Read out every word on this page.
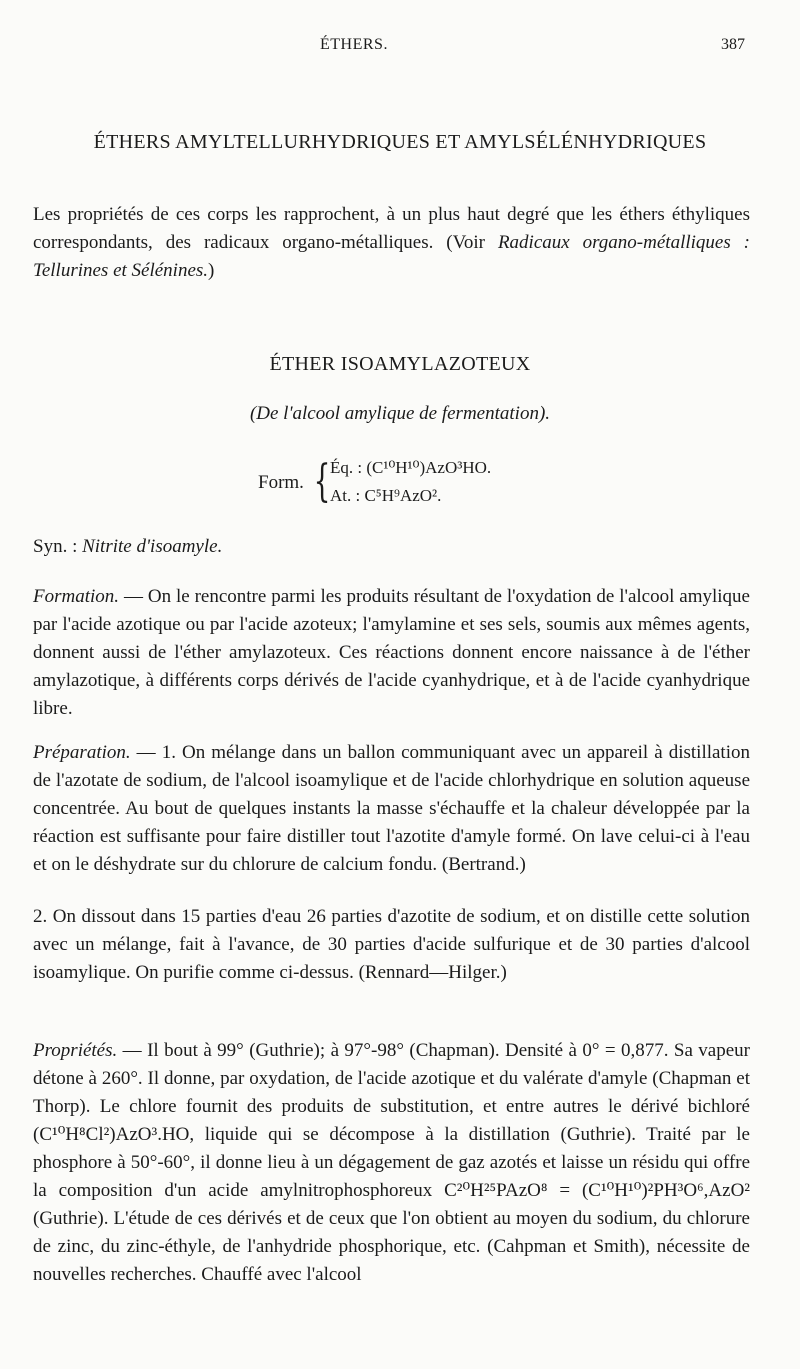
ÉTHERS.	387
ÉTHERS AMYLTELLURHYDRIQUES ET AMYLSÉLÉNHYDRIQUES

Les propriétés de ces corps les rapprochent, à un plus haut degré que les éthers éthyliques correspondants, des radicaux organo-métalliques. (Voir Radicaux organo-métalliques : Tellurines et Sélénines.)

ÉTHER ISOAMYLAZOTEUX
(De l'alcool amylique de fermentation).
Form. { Éq. : (C¹⁰H¹⁰)AzO³HO.
At. : C⁵H⁹AzO².
Syn. : Nitrite d'isoamyle.

Formation. — On le rencontre parmi les produits résultant de l'oxydation de l'alcool amylique par l'acide azotique ou par l'acide azoteux; l'amylamine et ses sels, soumis aux mêmes agents, donnent aussi de l'éther amylazoteux. Ces réactions donnent encore naissance à de l'éther amylazotique, à différents corps dérivés de l'acide cyanhydrique, et à de l'acide cyanhydrique libre.

Préparation. — 1. On mélange dans un ballon communiquant avec un appareil à distillation de l'azotate de sodium, de l'alcool isoamylique et de l'acide chlorhydrique en solution aqueuse concentrée. Au bout de quelques instants la masse s'échauffe et la chaleur développée par la réaction est suffisante pour faire distiller tout l'azotite d'amyle formé. On lave celui-ci à l'eau et on le déshydrate sur du chlorure de calcium fondu. (Bertrand.)

2. On dissout dans 15 parties d'eau 26 parties d'azotite de sodium, et on distille cette solution avec un mélange, fait à l'avance, de 30 parties d'acide sulfurique et de 30 parties d'alcool isoamylique. On purifie comme ci-dessus. (Rennard—Hilger.)

Propriétés. — Il bout à 99° (Guthrie); à 97°-98° (Chapman). Densité à 0° = 0,877. Sa vapeur détone à 260°. Il donne, par oxydation, de l'acide azotique et du valérate d'amyle (Chapman et Thorp). Le chlore fournit des produits de substitution, et entre autres le dérivé bichloré (C¹⁰H⁸Cl²)AzO³.HO, liquide qui se décompose à la distillation (Guthrie). Traité par le phosphore à 50°-60°, il donne lieu à un dégagement de gaz azotés et laisse un résidu qui offre la composition d'un acide amylnitrophosphoreux C²⁰H²⁵PAzO⁸ = (C¹⁰H¹⁰)²PH³O⁶,AzO² (Guthrie). L'étude de ces dérivés et de ceux que l'on obtient au moyen du sodium, du chlorure de zinc, du zinc-éthyle, de l'anhydride phosphorique, etc. (Cahpman et Smith), nécessite de nouvelles recherches. Chauffé avec l'alcool
